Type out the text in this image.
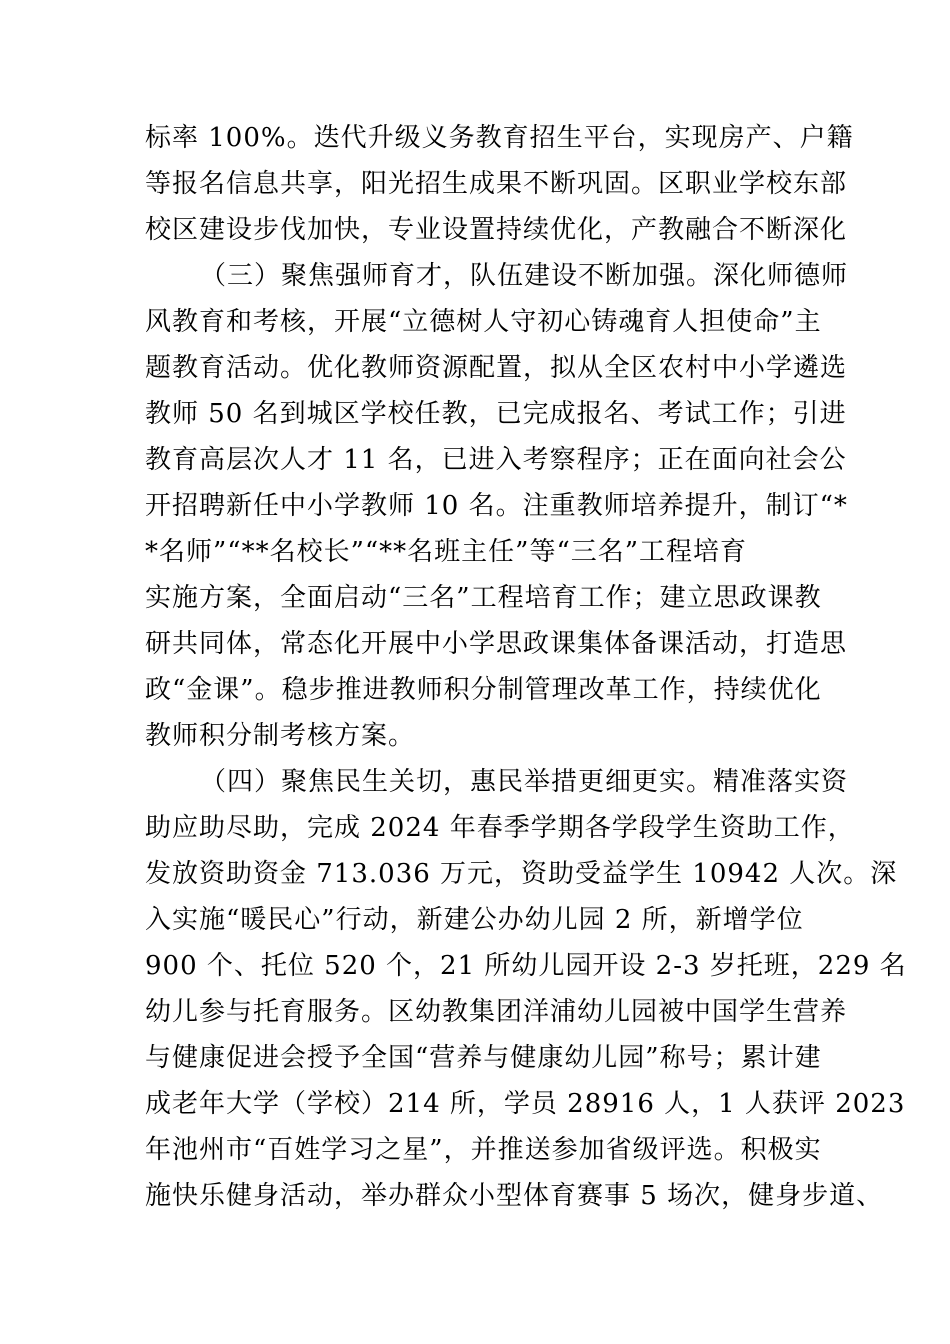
标率 100%。迭代升级义务教育招生平台，实现房产、户籍
等报名信息共享，阳光招生成果不断巩固。区职业学校东部
校区建设步伐加快，专业设置持续优化，产教融合不断深化
（三）聚焦强师育才，队伍建设不断加强。深化师德师
风教育和考核，开展“立德树人守初心铸魂育人担使命”主
题教育活动。优化教师资源配置，拟从全区农村中小学遴选
教师 50 名到城区学校任教，已完成报名、考试工作；引进
教育高层次人才 11 名，已进入考察程序；正在面向社会公
开招聘新任中小学教师 10 名。注重教师培养提升，制订“*
*名师”“**名校长”“**名班主任”等“三名”工程培育
实施方案，全面启动“三名”工程培育工作；建立思政课教
研共同体，常态化开展中小学思政课集体备课活动，打造思
政“金课”。稳步推进教师积分制管理改革工作，持续优化
教师积分制考核方案。
（四）聚焦民生关切，惠民举措更细更实。精准落实资
助应助尽助，完成 2024 年春季学期各学段学生资助工作，
发放资助资金 713.036 万元，资助受益学生 10942 人次。深
入实施“暖民心”行动，新建公办幼儿园 2 所，新增学位
900 个、托位 520 个，21 所幼儿园开设 2-3 岁托班，229 名
幼儿参与托育服务。区幼教集团洋浦幼儿园被中国学生营养
与健康促进会授予全国“营养与健康幼儿园”称号；累计建
成老年大学（学校）214 所，学员 28916 人，1 人获评 2023
年池州市“百姓学习之星”，并推送参加省级评选。积极实
施快乐健身活动，举办群众小型体育赛事 5 场次，健身步道、
